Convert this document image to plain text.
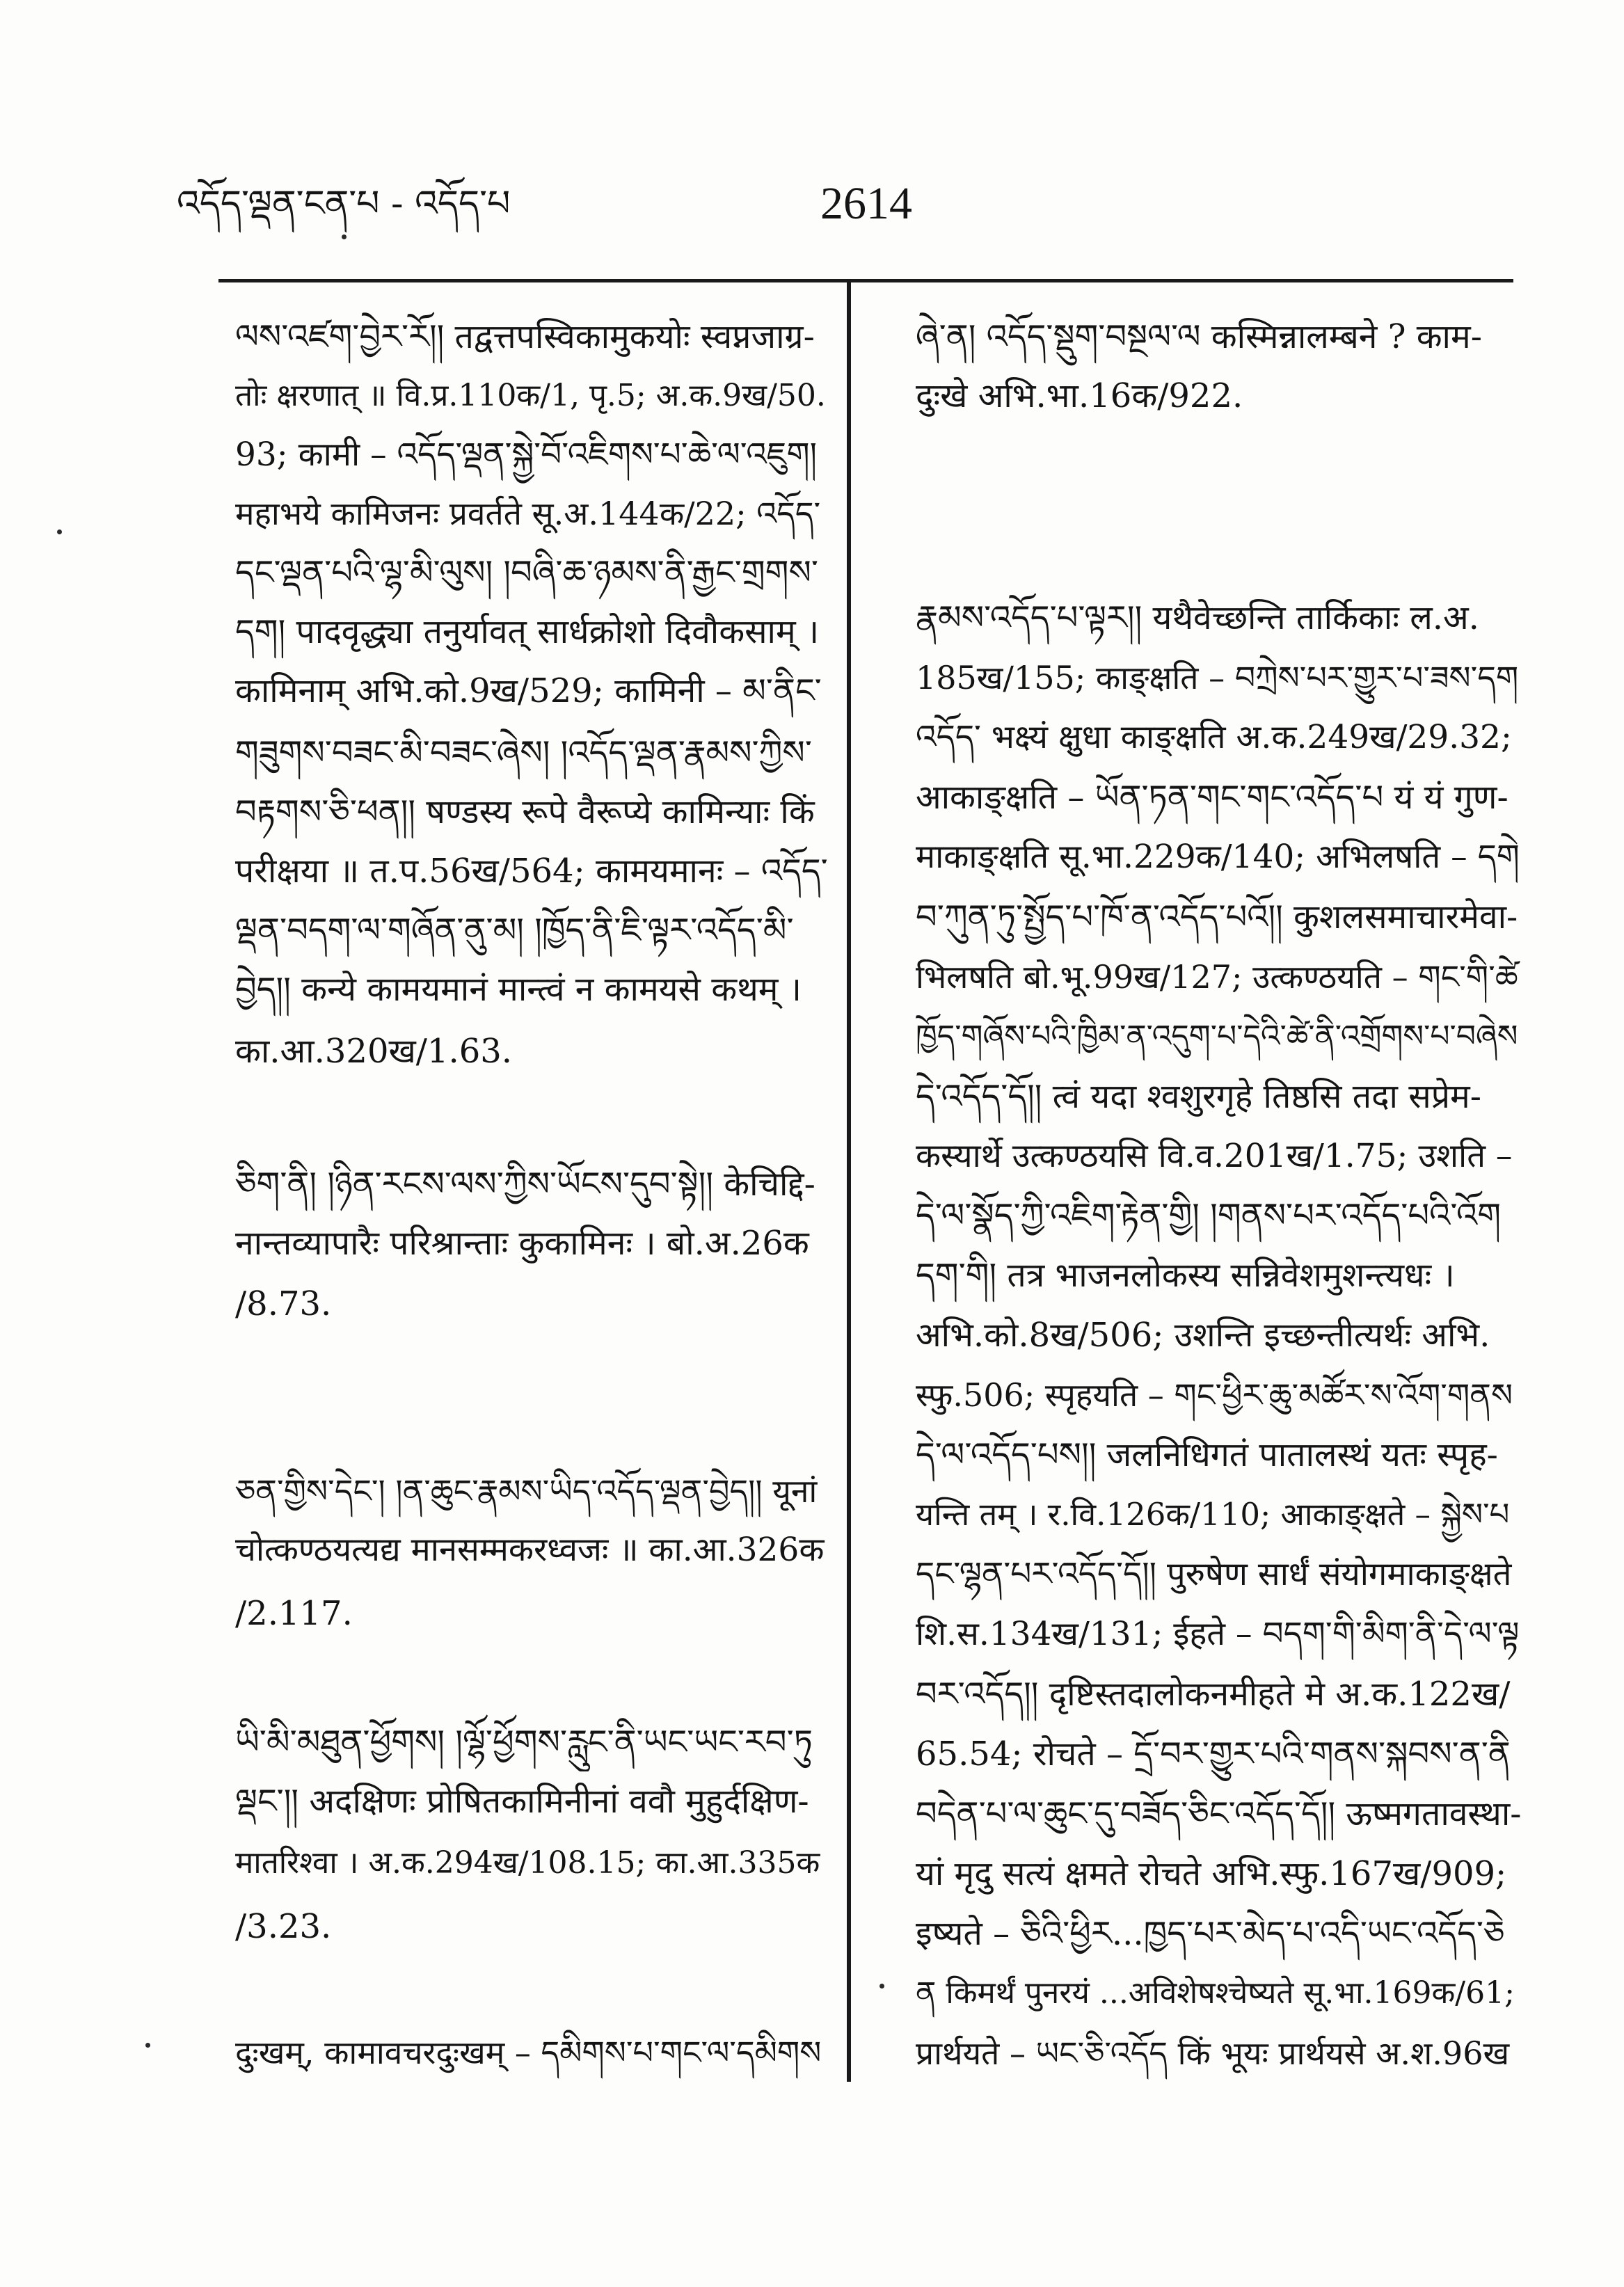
འདོད་ལྡན་ངན་པ - འདོད་པ	2614
ལས་འཛག་བྱེར་རོ།། तद्वत्तपस्विकामुकयोः स्वप्नजाग्र-
तोः क्षरणात् ॥ वि.प्र.110क/1, पृ.5; अ.क.9ख/50.
93; कामी – འདོད་ལྡན་སྐྱེ་བོ་འཇིགས་པ་ཆེ་ལ་འཇུག།
महाभये कामिजनः प्रवर्तते सू.अ.144क/22; འདོད་
དང་ལྡན་པའི་ལྷ་མི་ལུས། །བཞི་ཆ་ཉམས་ནི་རྒྱང་གྲགས་
དག། पादवृद्ध्या तनुर्यावत् सार्धक्रोशो दिवौकसाम् ।
कामिनाम् अभि.को.9ख/529; कामिनी – མ་ནིང་
གཟུགས་བཟང་མི་བཟང་ཞེས། །འདོད་ལྡན་རྣམས་ཀྱིས་
བརྟགས་ཅི་ཕན།། षण्डस्य रूपे वैरूप्ये कामिन्याः किं
परीक्षया ॥ त.प.56ख/564; कामयमानः – འདོད་
ལྡན་བདག་ལ་གཞོན་ནུ་མ། །ཁྱོད་ནི་ཇི་ལྟར་འདོད་མི་
བྱེད།། कन्ये कामयमानं मान्त्वं न कामयसे कथम् ।
का.आ.320ख/1.63.

ཅིག་ནི། །ཉིན་རངས་ལས་ཀྱིས་ཡོངས་དུབ་སྟེ།། केचिद्दि-
नान्तव्यापारैः परिश्रान्ताः कुकामिनः । बो.अ.26क
/8.73.

ཅན་གྱིས་དེང་། །ན་ཆུང་རྣམས་ཡིད་འདོད་ལྡན་བྱེད།། यूनां
चोत्कण्ठयत्यद्य मानसम्मकरध्वजः ॥ का.आ.326क
/2.117.

ཡི་མི་མཐུན་ཕྱོགས། །ལྷོ་ཕྱོགས་རླུང་ནི་ཡང་ཡང་རབ་ཏུ
ལྡང་།། अदक्षिणः प्रोषितकामिनीनां ववौ मुहुर्दक्षिण-
मातरिश्वा । अ.क.294ख/108.15; का.आ.335क
/3.23.

दुःखम्, कामावचरदुःखम् – དམིགས་པ་གང་ལ་དམིགས
ཞེ་ན། འདོད་སྡུག་བསྔལ་ལ कस्मिन्नालम्बने ? काम-
दुःखे अभि.भा.16क/922.

རྣམས་འདོད་པ་ལྟར།། यथैवेच्छन्ति तार्किकाः ल.अ.
185ख/155; काङ्क्षति – བཀྲེས་པར་གྱུར་པ་ཟས་དག
འདོད་ भक्ष्यं क्षुधा काङ्क्षति अ.क.249ख/29.32;
आकाङ्क्षति – ཡོན་ཏན་གང་གང་འདོད་པ यं यं गुण-
माकाङ्क्षति सू.भा.229क/140; अभिलषति – དགེ
བ་ཀུན་ཏུ་སྤྱོད་པ་ཁོ་ན་འདོད་པའོ།། कुशलसमाचारमेवा-
भिलषति बो.भू.99ख/127; उत्कण्ठयति – གང་གི་ཚེ
ཁྱོད་གཞོས་པའི་ཁྱིམ་ན་འདུག་པ་དེའི་ཚེ་ནི་འགྲོགས་པ་བཞེས
དེ་འདོད་དོ།། त्वं यदा श्वशुरगृहे तिष्ठसि तदा सप्रेम-
कस्यार्थे उत्कण्ठयसि वि.व.201ख/1.75; उशति –
དེ་ལ་སྣོད་ཀྱི་འཇིག་རྟེན་གྱི། །གནས་པར་འདོད་པའི་འོག
དག་གི། तत्र भाजनलोकस्य सन्निवेशमुशन्त्यधः ।
अभि.को.8ख/506; उशन्ति इच्छन्तीत्यर्थः अभि.
स्फु.506; स्पृहयति – གང་ཕྱིར་ཆུ་མཚོར་ས་འོག་གནས
དེ་ལ་འདོད་པས།། जलनिधिगतं पातालस्थं यतः स्पृह-
यन्ति तम् । र.वि.126क/110; आकाङ्क्षते – སྐྱེས་པ
དང་ལྷན་པར་འདོད་དོ།། पुरुषेण सार्धं संयोगमाकाङ्क्षते
शि.स.134ख/131; ईहते – བདག་གི་མིག་ནི་དེ་ལ་ལྟ
བར་འདོད།། दृष्टिस्तदालोकनमीहते मे अ.क.122ख/
65.54; रोचते – དྲོ་བར་གྱུར་པའི་གནས་སྐབས་ན་ནི
བདེན་པ་ལ་ཆུང་དུ་བཟོད་ཅིང་འདོད་དོ།། ऊष्मगतावस्था-
यां मृदु सत्यं क्षमते रोचते अभि.स्फु.167ख/909;
इष्यते – ཅིའི་ཕྱིར...ཁྱད་པར་མེད་པ་འདི་ཡང་འདོད་ཅེ
ན किमर्थं पुनरयं ...अविशेषश्चेष्यते सू.भा.169क/61;
प्रार्थयते – ཡང་ཅི་འདོད किं भूयः प्रार्थयसे अ.श.96ख
